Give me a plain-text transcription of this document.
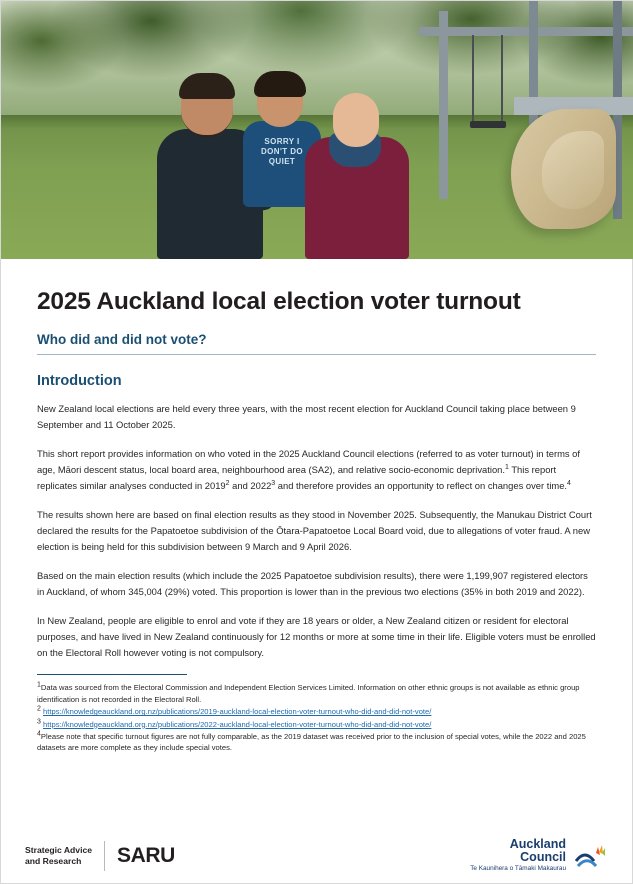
SORRY I DON'T DO QUIET
2025 Auckland local election voter turnout
Who did and did not vote?
Introduction

New Zealand local elections are held every three years, with the most recent election for Auckland Council taking place between 9 September and 11 October 2025.

This short report provides information on who voted in the 2025 Auckland Council elections (referred to as voter turnout) in terms of age, Māori descent status, local board area, neighbourhood area (SA2), and relative socio-economic deprivation.$^1$ This report replicates similar analyses conducted in 2019$^2$ and 2022$^3$ and therefore provides an opportunity to reflect on changes over time.$^4$

The results shown here are based on final election results as they stood in November 2025. Subsequently, the Manukau District Court declared the results for the Papatoetoe subdivision of the Ōtara-Papatoetoe Local Board void, due to allegations of voter fraud. A new election is being held for this subdivision between 9 March and 9 April 2026.

Based on the main election results (which include the 2025 Papatoetoe subdivision results), there were 1,199,907 registered electors in Auckland, of whom 345,004 (29%) voted. This proportion is lower than in the previous two elections (35% in both 2019 and 2022).

In New Zealand, people are eligible to enrol and vote if they are 18 years or older, a New Zealand citizen or resident for electoral purposes, and have lived in New Zealand continuously for 12 months or more at some time in their life. Eligible voters must be enrolled on the Electoral Roll however voting is not compulsory.

$^1$Data was sourced from the Electoral Commission and Independent Election Services Limited. Information on other ethnic groups is not available as ethnic group identification is not recorded in the Electoral Roll.
$^2$ https://knowledgeauckland.org.nz/publications/2019-auckland-local-election-voter-turnout-who-did-and-did-not-vote/
$^3$ https://knowledgeauckland.org.nz/publications/2022-auckland-local-election-voter-turnout-who-did-and-did-not-vote/
$^4$Please note that specific turnout figures are not fully comparable, as the 2019 dataset was received prior to the inclusion of special votes, while the 2022 and 2025 datasets are more complete as they include special votes.
Strategic Advice
and Research	SARU	Auckland
Council
Te Kaunihera o Tāmaki Makaurau
